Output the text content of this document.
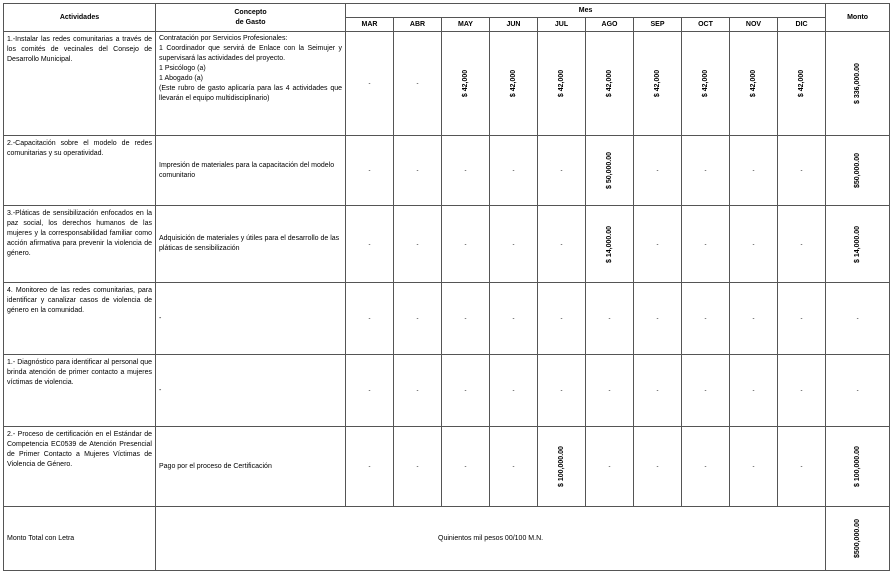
Actividades	Concepto
de Gasto	Mes										Monto
		MAR	ABR	MAY	JUN	JUL	AGO	SEP	OCT	NOV	DIC	
1.-Instalar las redes comunitarias a través de los comités de vecinales del Consejo de Desarrollo Municipal.	Contratación por Servicios Profesionales:
1 Coordinador que servirá de Enlace con la Seimujer y supervisará las actividades del proyecto.
1 Psicólogo (a)
1 Abogado (a)
(Este rubro de gasto aplicaría para las 4 actividades que llevarán el equipo multidisciplinario)	-	-	$ 42,000	$ 42,000	$ 42,000	$ 42,000	$ 42,000	$ 42,000	$ 42,000	$ 42,000	$ 336,000.00
2.-Capacitación sobre el modelo de redes comunitarias y su operatividad.	Impresión de materiales para la capacitación del modelo comunitario	-	-	-	-	-	$ 50,000.00	-	-	-	-	$50,000.00
3.-Pláticas de sensibilización enfocados en la paz social, los derechos humanos de las mujeres y la corresponsabilidad familiar como acción afirmativa para prevenir la violencia de género.	Adquisición de materiales y útiles para el desarrollo de las pláticas de sensibilización	-	-	-	-	-	$ 14,000.00	-	-	-	-	$ 14,000.00
4. Monitoreo de las redes comunitarias, para identificar y canalizar casos de violencia de género en la comunidad.	-	-	-	-	-	-	-	-	-	-	-	-
1.- Diagnóstico para identificar al personal que brinda atención de primer contacto a mujeres víctimas de violencia.	-	-	-	-	-	-	-	-	-	-	-	-
2.- Proceso de certificación en el Estándar de Competencia EC0539 de Atención Presencial de Primer Contacto a Mujeres Víctimas de Violencia de Género.	Pago por el proceso de Certificación	-	-	-	-	$ 100,000.00	-	-	-	-	-	$ 100,000.00
Monto Total con Letra	Quinientos mil pesos 00/100 M.N.											$500,000.00
